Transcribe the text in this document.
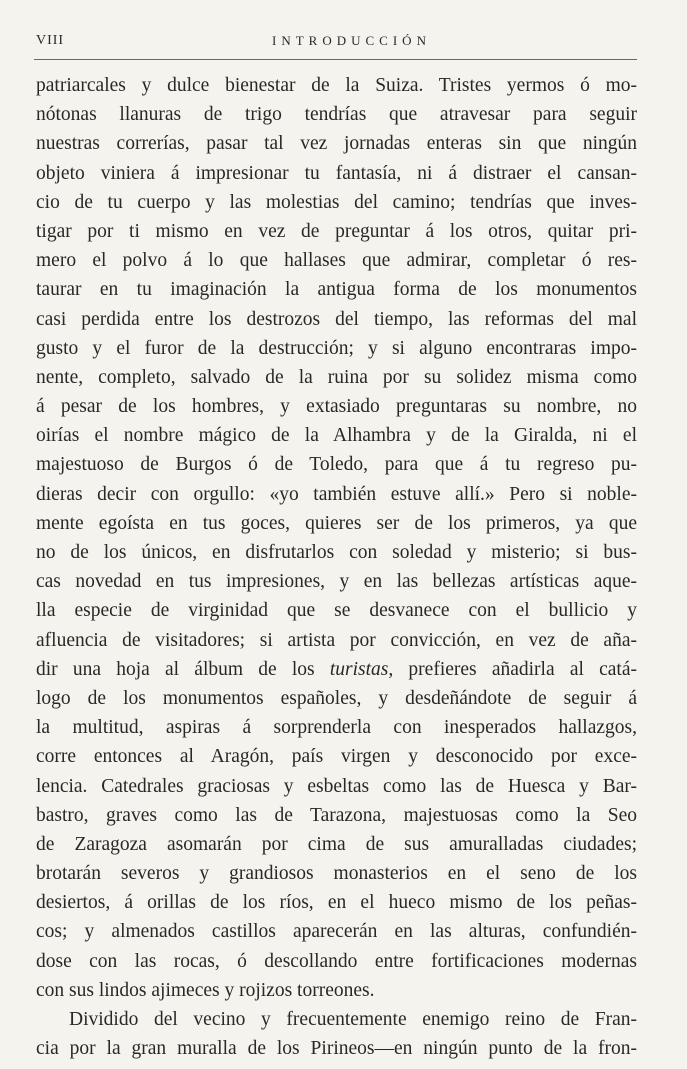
VIII	INTRODUCCIÓN
patriarcales y dulce bienestar de la Suiza. Tristes yermos ó mo-
nótonas llanuras de trigo tendrías que atravesar para seguir
nuestras correrías, pasar tal vez jornadas enteras sin que ningún
objeto viniera á impresionar tu fantasía, ni á distraer el cansan-
cio de tu cuerpo y las molestias del camino; tendrías que inves-
tigar por ti mismo en vez de preguntar á los otros, quitar pri-
mero el polvo á lo que hallases que admirar, completar ó res-
taurar en tu imaginación la antigua forma de los monumentos
casi perdida entre los destrozos del tiempo, las reformas del mal
gusto y el furor de la destrucción; y si alguno encontraras impo-
nente, completo, salvado de la ruina por su solidez misma como
á pesar de los hombres, y extasiado preguntaras su nombre, no
oirías el nombre mágico de la Alhambra y de la Giralda, ni el
majestuoso de Burgos ó de Toledo, para que á tu regreso pu-
dieras decir con orgullo: «yo también estuve allí.» Pero si noble-
mente egoísta en tus goces, quieres ser de los primeros, ya que
no de los únicos, en disfrutarlos con soledad y misterio; si bus-
cas novedad en tus impresiones, y en las bellezas artísticas aque-
lla especie de virginidad que se desvanece con el bullicio y
afluencia de visitadores; si artista por convicción, en vez de aña-
dir una hoja al álbum de los turistas, prefieres añadirla al catá-
logo de los monumentos españoles, y desdeñándote de seguir á
la multitud, aspiras á sorprenderla con inesperados hallazgos,
corre entonces al Aragón, país virgen y desconocido por exce-
lencia. Catedrales graciosas y esbeltas como las de Huesca y Bar-
bastro, graves como las de Tarazona, majestuosas como la Seo
de Zaragoza asomarán por cima de sus amuralladas ciudades;
brotarán severos y grandiosos monasterios en el seno de los
desiertos, á orillas de los ríos, en el hueco mismo de los peñas-
cos; y almenados castillos aparecerán en las alturas, confundién-
dose con las rocas, ó descollando entre fortificaciones modernas
con sus lindos ajimeces y rojizos torreones.
Dividido del vecino y frecuentemente enemigo reino de Fran-
cia por la gran muralla de los Pirineos—en ningún punto de la fron-
